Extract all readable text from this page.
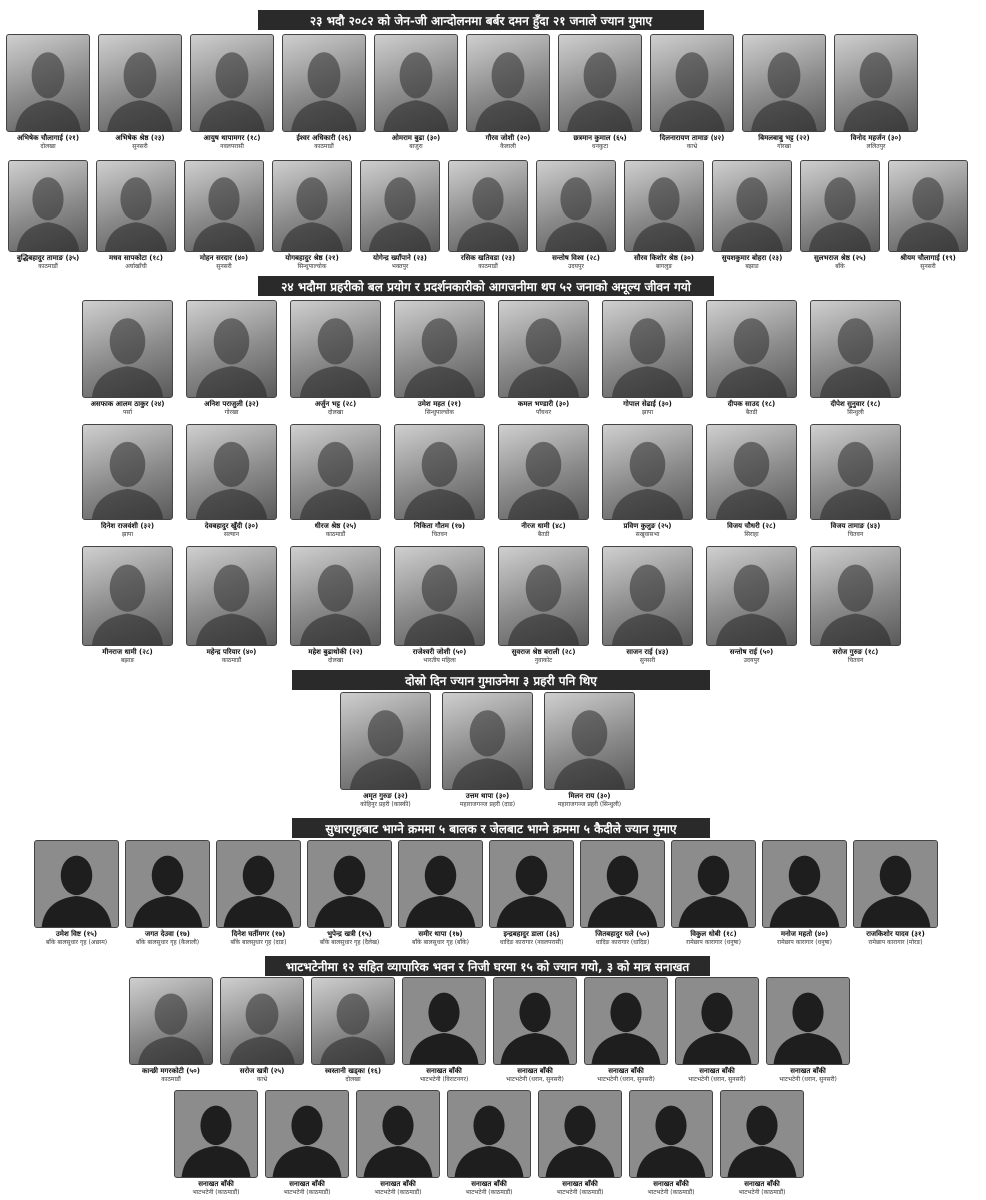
२३ भदौ २०८२ को जेन-जी आन्दोलनमा बर्बर दमन हुँदा २१ जनाले ज्यान गुमाए
अभिषेक चौलागाई (२१)
दोलखा
अभिषेक श्रेष्ठ (२३)
सुनसरी
आयुष थापामगर (१८)
नवलपरासी
ईश्वर अधिकारी (२६)
काठमाडौं
ओमराम बुढा (३०)
बाजुरा
गौरव जोशी (२०)
कैलाली
छत्रमान कुमाल (६५)
धनकुटा
दिलनारायण तामाङ (४२)
काभ्रे
बिमलबाबु भट्ट (२२)
गोरखा
विनोद महर्जन (३०)
ललितपुर
बुद्धिबहादुर तामाङ (३५)
काठमाडौं
मधव सापकोटा (१८)
अर्घाखाँची
मोहन सरदार (४०)
सुनसरी
योगबहादुर श्रेष्ठ (२१)
सिन्धुपाल्चोक
योगेन्द्र ख्याँपाने (२३)
भक्तपुर
रसिक खतिवडा (२३)
काठमाडौं
सन्तोष विश्व (२८)
उदयपुर
सौरव किशोर श्रेष्ठ (३०)
बागलुङ
सुयशकुमार बोहरा (२३)
बझाङ
सुलभराज श्रेष्ठ (२५)
बाँके
श्रीयम चौलागाई (१९)
सुनसरी
२४ भदौमा प्रहरीको बल प्रयोग र प्रदर्शनकारीको आगजनीमा थप ५२ जनाको अमूल्य जीवन गयो
असफाक आलम ठाकुर (२४)
पर्सा
अनिश पराजुली (३२)
गोरखा
अर्जुन भट्ट (२८)
दोलखा
उमेश महत (२१)
सिन्धुपाल्चोक
कमल भण्डारी (३०)
पाँचथर
गोपाल सेढाई (३०)
झापा
दीपक साउद (१८)
बैतडी
दीपेश सुनुवार (१८)
सिन्धुली
दिनेश राजवंशी (३२)
झापा
देवबहादुर खुँदी (३०)
सल्यान
धीरज श्रेष्ठ (२५)
काठमाडौं
निकिता गौतम (१७)
चितवन
नीरज धामी (४८)
बैतडी
प्रविण कुलुङ (२५)
सखुवासभा
विजय चौधरी (२८)
सिराहा
विजय तामाङ (४३)
चितवन
मीनराज धामी (२८)
बझाङ
महेन्द्र परियार (४०)
काठमाडौं
महेश बुढाथोकी (२२)
दोलखा
राजेश्वरी जोशी (५०)
भारतीय महिला
सुवराज श्रेष्ठ बराली (२८)
नुवाकोट
साजन राई (४३)
सुनसरी
सन्तोष राई (५०)
उदयपुर
सरोज गुरुङ (१८)
चितवन
दोस्रो दिन ज्यान गुमाउनेमा ३ प्रहरी पनि थिए
अमृत गुरुङ (३२)
कोहिनुर प्रहरी (कास्की)
उत्तम थापा (३०)
महाराजगञ्ज प्रहरी (दाङ)
मिलन राय (३०)
महाराजगञ्ज प्रहरी (सिन्धुली)
सुधारगृहबाट भाग्ने क्रममा ५ बालक र जेलबाट भाग्ने क्रममा ५ कैदीले ज्यान गुमाए
उमेश विष्ट (१५)
बाँके बालसुधार गृह (अछाम)
जगत देउवा (१७)
बाँके बालसुधार गृह (कैलाली)
दिनेश घर्तीमगर (१७)
बाँके बालसुधार गृह (दाङ)
भुपेन्द्र खत्री (१५)
बाँके बालसुधार गृह (दैलेख)
समीर थापा (१७)
बाँके बालसुधार गृह (बाँके)
इन्द्रबहादुर डाला (३६)
धादिङ कारागार (नवलपरासी)
जितबहादुर घले (५०)
धादिङ कारागार (धादिङ)
विकुल धोबी (१८)
रामेछाप कारागार (धनुषा)
मनोज महतो (४०)
रामेछाप कारागार (धनुषा)
राजकिशोर यादव (३१)
रामेछाप कारागार (मोरङ)
भाटभटेनीमा १२ सहित व्यापारिक भवन र निजी घरमा १५ को ज्यान गयो, ३ को मात्र सनाखत
कान्छी मगरकोटी (५०)
काठमाडौं
सरोज खत्री (२५)
काभ्रे
स्वस्तानी खड्का (१६)
दोलखा
सनाखत बाँकी
भाटभटेनी (विराटनगर)
सनाखत बाँकी
भाटभटेनी (धरान, सुनसरी)
सनाखत बाँकी
भाटभटेनी (धरान, सुनसरी)
सनाखत बाँकी
भाटभटेनी (धरान, सुनसरी)
सनाखत बाँकी
भाटभटेनी (धरान, सुनसरी)
सनाखत बाँकी
भाटभटेनी (काठमाडौं)
सनाखत बाँकी
भाटभटेनी (काठमाडौं)
सनाखत बाँकी
भाटभटेनी (काठमाडौं)
सनाखत बाँकी
भाटभटेनी (काठमाडौं)
सनाखत बाँकी
भाटभटेनी (काठमाडौं)
सनाखत बाँकी
भाटभटेनी (काठमाडौं)
सनाखत बाँकी
भाटभटेनी (काठमाडौं)
